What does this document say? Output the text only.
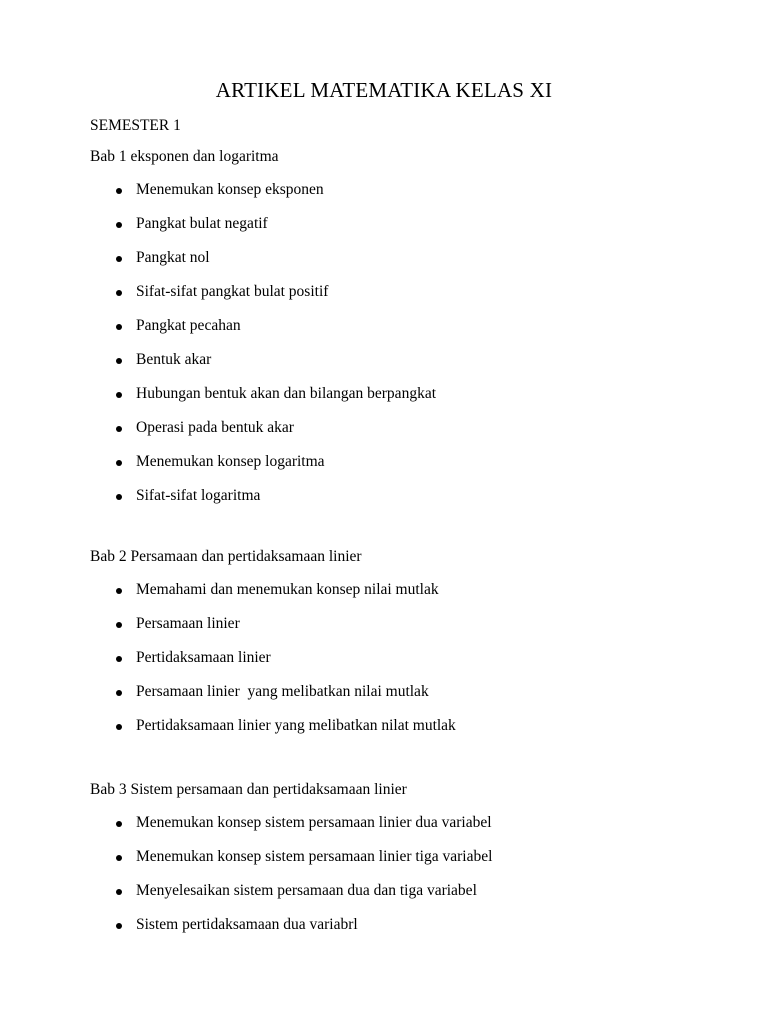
ARTIKEL MATEMATIKA KELAS XI

SEMESTER 1

Bab 1 eksponen dan logaritma

Menemukan konsep eksponen
Pangkat bulat negatif
Pangkat nol
Sifat-sifat pangkat bulat positif
Pangkat pecahan
Bentuk akar
Hubungan bentuk akan dan bilangan berpangkat
Operasi pada bentuk akar
Menemukan konsep logaritma
Sifat-sifat logaritma

Bab 2 Persamaan dan pertidaksamaan linier

Memahami dan menemukan konsep nilai mutlak
Persamaan linier
Pertidaksamaan linier
Persamaan linier  yang melibatkan nilai mutlak
Pertidaksamaan linier yang melibatkan nilat mutlak

Bab 3 Sistem persamaan dan pertidaksamaan linier

Menemukan konsep sistem persamaan linier dua variabel
Menemukan konsep sistem persamaan linier tiga variabel
Menyelesaikan sistem persamaan dua dan tiga variabel
Sistem pertidaksamaan dua variabrl
